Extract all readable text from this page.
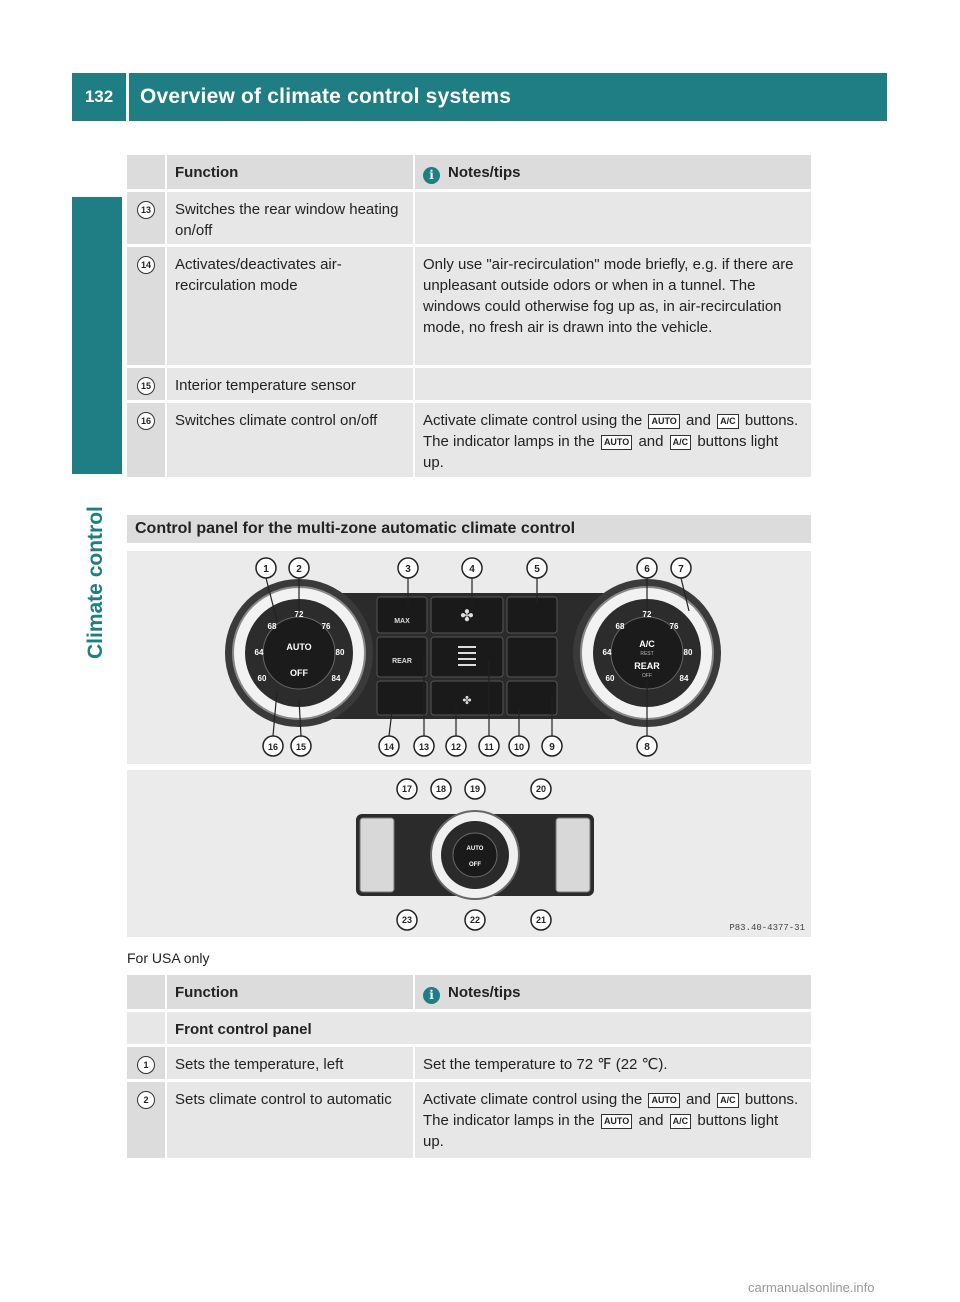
132	Overview of climate control systems
Climate control
Function	i Notes/tips
13	Switches the rear window heating on/off
14	Activates/deactivates air-recirculation mode
Only use "air-recirculation" mode briefly, e.g. if there are unpleasant outside odors or when in a tunnel. The windows could otherwise fog up as, in air-recirculation mode, no fresh air is drawn into the vehicle.
15	Interior temperature sensor
16	Switches climate control on/off	Activate climate control using the AUTO and A/C buttons. The indicator lamps in the AUTO and A/C buttons light up.
Control panel for the multi-zone automatic climate control
MAX
REAR
✤
✤
AUTO
OFF
72
68	76
64	80
60	84
A/C
REST
REAR
OFF
72
68	76
64	80
60	84
1	2	3	4	5	6	7
16 15	14	13 12	11 10	9	8
AUTO
OFF
17	18	19	20
23	22	21
P83.40-4377-31
For USA only
Function	i Notes/tips
Front control panel
1	Sets the temperature, left	Set the temperature to 72 ℉ (22 ℃).
2	Sets climate control to automatic	Activate climate control using the AUTO and A/C buttons. The indicator lamps in the AUTO and A/C buttons light up.
carmanualsonline.info
